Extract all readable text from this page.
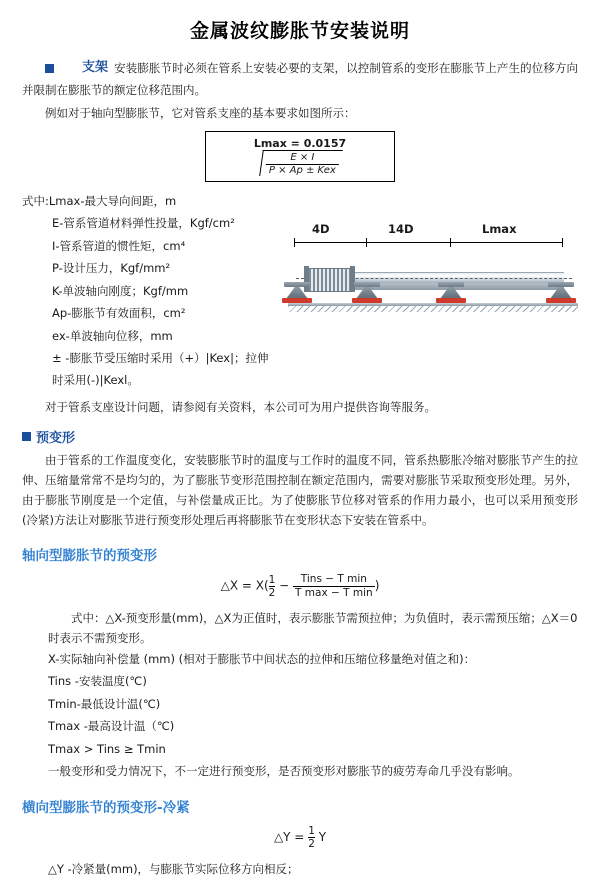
金属波纹膨胀节安装说明

支架 安装膨胀节时必须在管系上安装必要的支架，以控制管系的变形在膨胀节上产生的位移方向并限制在膨胀节的额定位移范围内。

例如对于轴向型膨胀节，它对管系支座的基本要求如图所示：

Lmax = 0.0157
$\frac{E \times I}{\text{P × Ap ± Kex}}$
式中:Lmax-最大导向间距，m
E-管系管道材料弹性投量，Kgf/cm²
I-管系管道的惯性矩，cm⁴
P-设计压力，Kgf/mm²
K-单波轴向刚度；Kgf/mm
Ap-膨胀节有效面积，cm²
ex-单波轴向位移，mm
± -膨胀节受压缩时采用（+）|Kex|；拉伸时采用(-)|Kexl。
4D	14D	Lmax

对于管系支座设计问题，请参阅有关资料，本公司可为用户提供咨询等服务。

预变形

由于管系的工作温度变化，安装膨胀节时的温度与工作时的温度不同，管系热膨胀冷缩对膨胀节产生的拉伸、压缩量常常不是均匀的，为了膨胀节变形范围控制在额定范围内，需要对膨胀节采取预变形处理。另外，由于膨胀节刚度是一个定值，与补偿量成正比。为了使膨胀节位移对管系的作用力最小，也可以采用预变形(冷紧)方法让对膨胀节进行预变形处理后再将膨胀节在变形状态下安装在管系中。

轴向型膨胀节的预变形
△X = $X( \frac{1}{2} - \frac{\text{Tins − T min}}{\text{T max − T min}}$ )
式中：△X-预变形量(mm)，△X为正值时，表示膨胀节需预拉伸；为负值时，表示需预压缩；△X＝0时表示不需预变形。
X-实际轴向补偿量 (mm) (相对于膨胀节中间状态的拉伸和压缩位移量绝对值之和)：
Tins -安装温度(℃)
Tmin-最低设计温(℃)
Tmax -最高设计温（℃)
Tmax > Tins ≥ Tmin
一般变形和受力情况下，不一定进行预变形，是否预变形对膨胀节的疲劳寿命几乎没有影响。
横向型膨胀节的预变形-冷紧
△Y = $\frac{1}{2}$ Y

△Y -冷紧量(mm)，与膨胀节实际位移方向相反；
